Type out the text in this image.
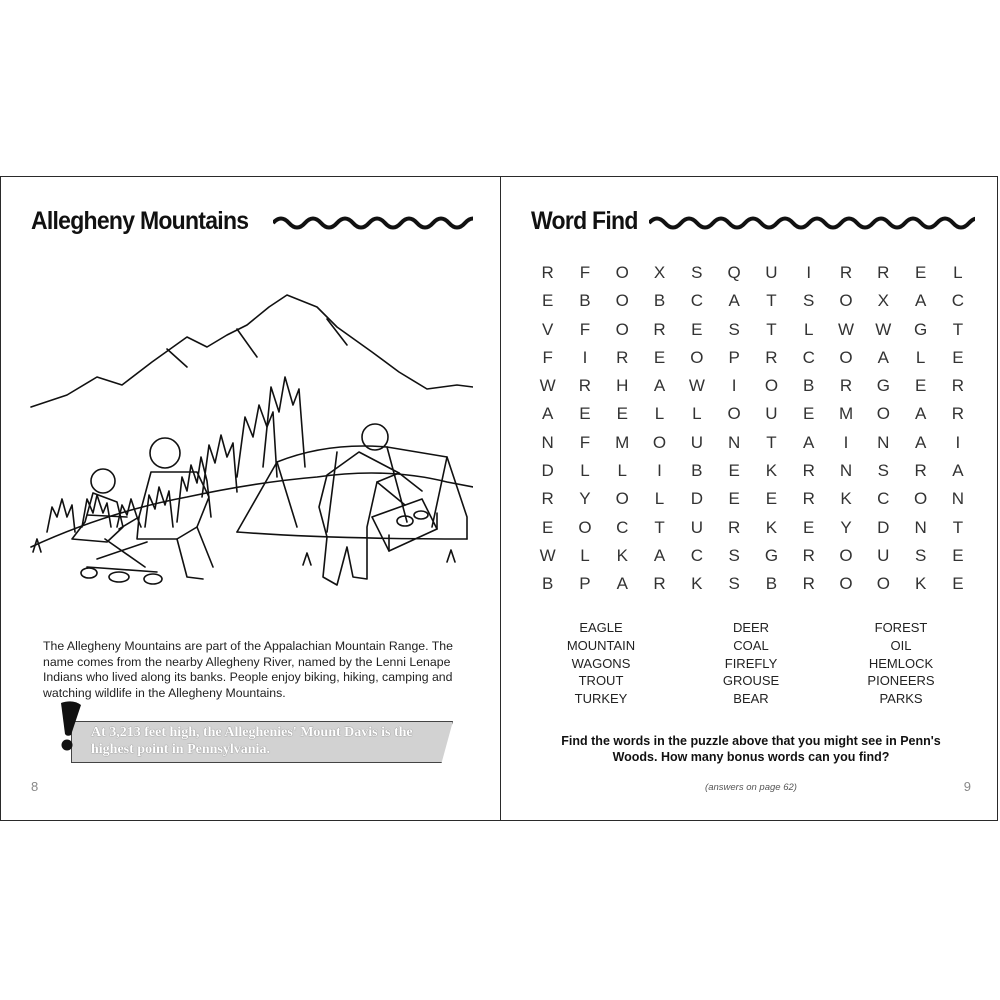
Allegheny Mountains
The Allegheny Mountains are part of the Appalachian Mountain Range. The name comes from the nearby Allegheny River, named by the Lenni Lenape Indians who lived along its banks. People enjoy biking, hiking, camping and watching wildlife in the Allegheny Mountains.
At 3,213 feet high, the Alleghenies' Mount Davis is the highest point in Pennsylvania.
8
Word Find
R	F	O	X	S	Q	U	I	R	R	E	L
E	B	O	B	C	A	T	S	O	X	A	C
V	F	O	R	E	S	T	L	W	W	G	T
F	I	R	E	O	P	R	C	O	A	L	E
W	R	H	A	W	I	O	B	R	G	E	R
A	E	E	L	L	O	U	E	M	O	A	R
N	F	M	O	U	N	T	A	I	N	A	I
D	L	L	I	B	E	K	R	N	S	R	A
R	Y	O	L	D	E	E	R	K	C	O	N
E	O	C	T	U	R	K	E	Y	D	N	T
W	L	K	A	C	S	G	R	O	U	S	E
B	P	A	R	K	S	B	R	O	O	K	E
EAGLE
MOUNTAIN
WAGONS
TROUT
TURKEY
DEER
COAL
FIREFLY
GROUSE
BEAR
FOREST
OIL
HEMLOCK
PIONEERS
PARKS
Find the words in the puzzle above that you might see in Penn's Woods. How many bonus words can you find?
(answers on page 62)	9
